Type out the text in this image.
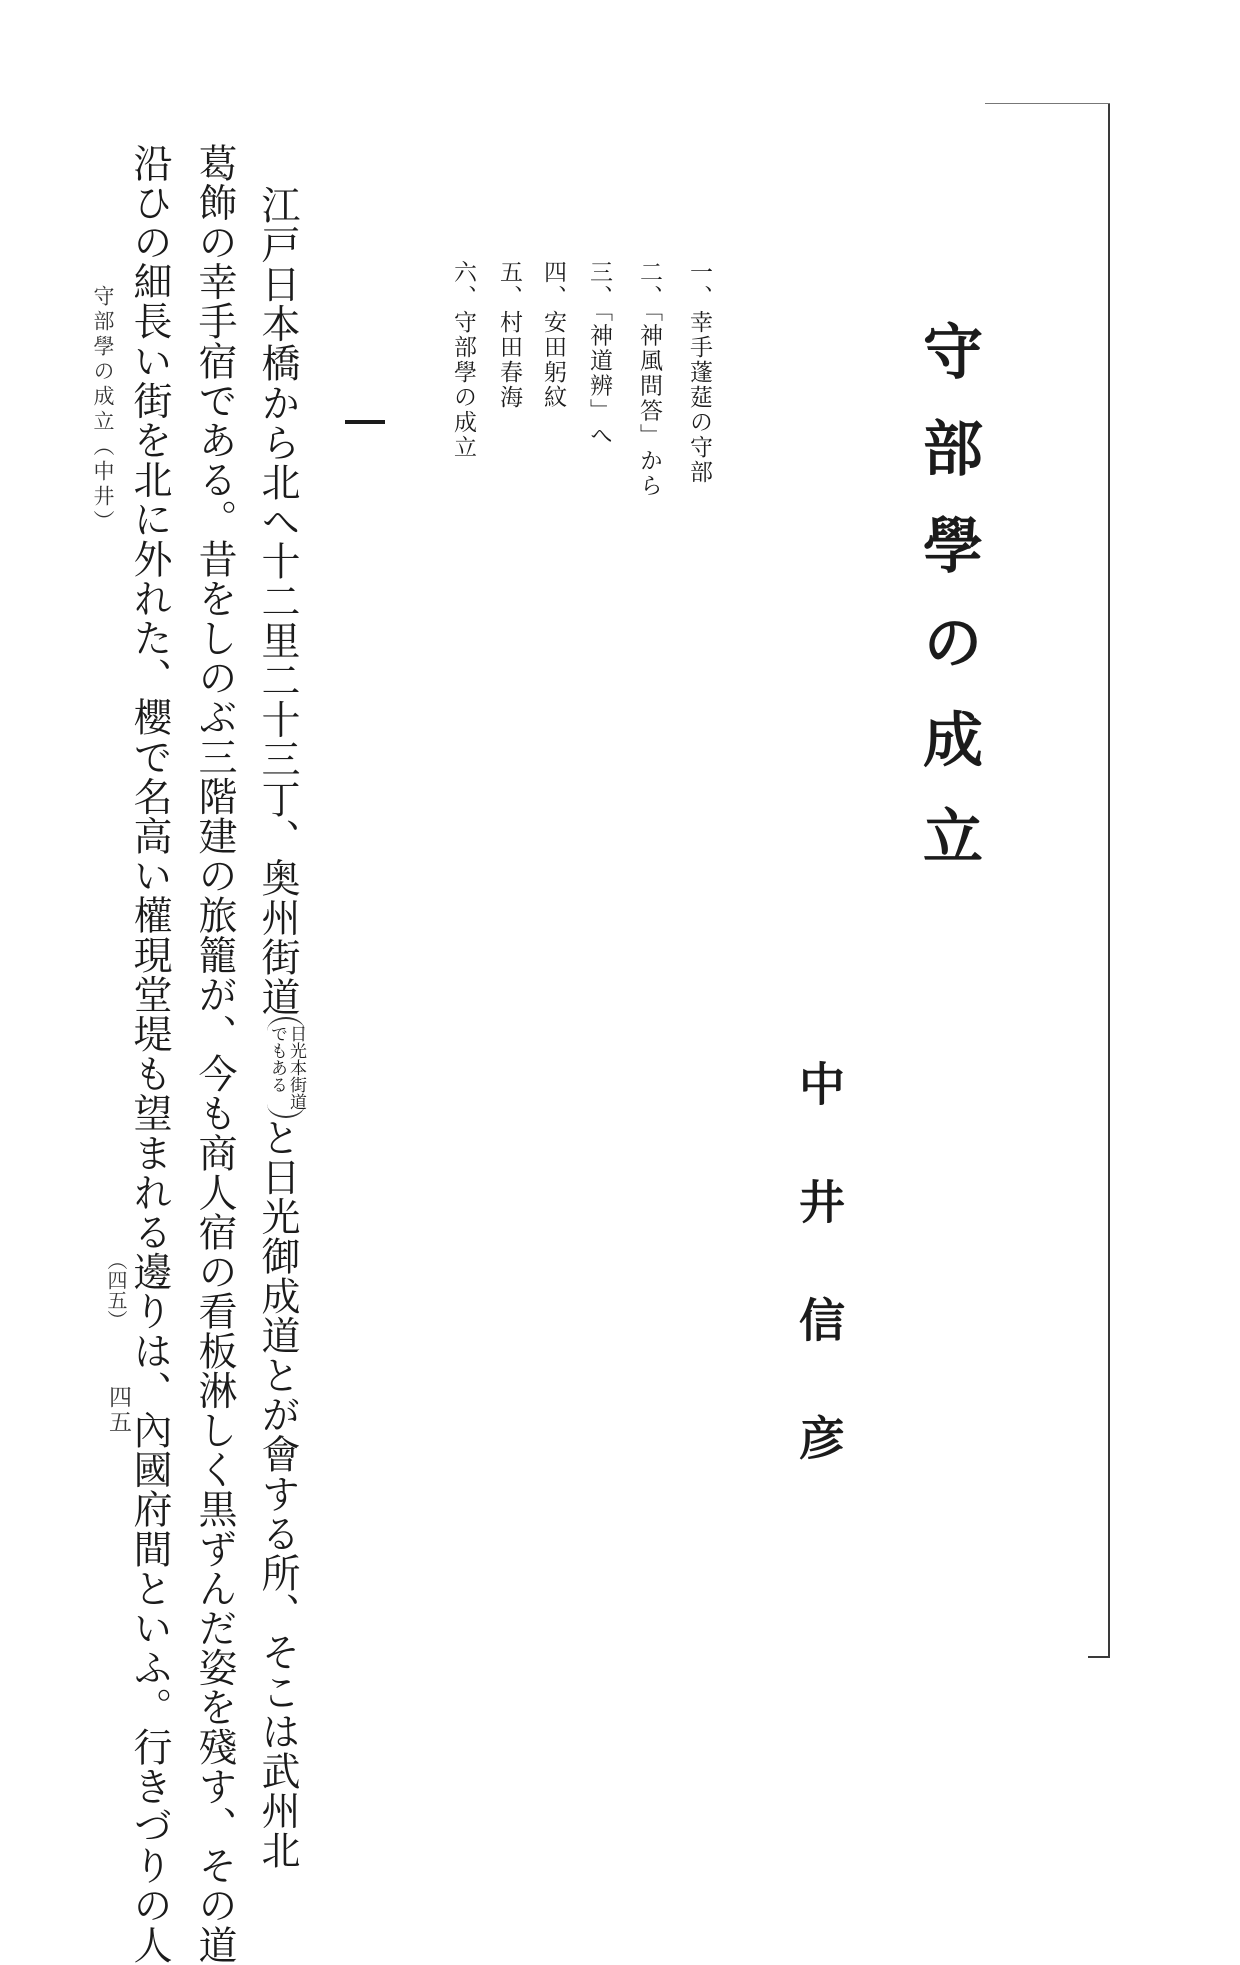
守部學の成立
中井信彦
一、幸手蓬莚の守部
二、「神風問答」から
三、「神道辨」へ
四、安田躬紋
五、村田春海
六、守部學の成立
江戸日本橋から北へ十二里二十三丁、奥州街道
日光本街道
でもある
と日光御成道とが會する所、そこは武州北
葛飾の幸手宿である。昔をしのぶ三階建の旅籠が、今も商人宿の看板淋しく黒ずんだ姿を殘す、その道
沿ひの細長い街を北に外れた、櫻で名高い權現堂堤も望まれる邊りは、內國府間といふ。行きづりの人
守部學の成立（中井）
（四五）
四五
